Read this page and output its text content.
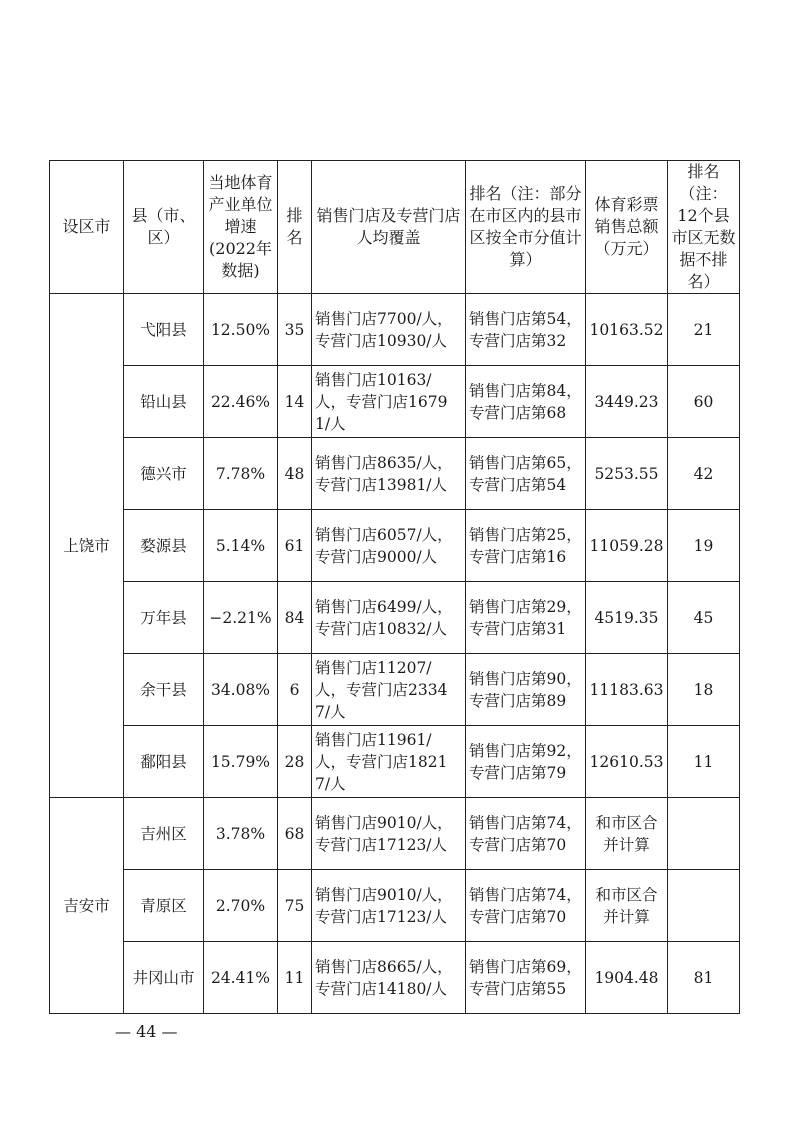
设区市	县（市、区）	当地体育产业单位增速(2022年数据)	排名	销售门店及专营门店人均覆盖	排名（注：部分在市区内的县市区按全市分值计算）	体育彩票销售总额（万元）	排名（注：12个县市区无数据不排名）
上饶市	弋阳县	12.50%	35	销售门店7700/人，专营门店10930/人	销售门店第54，专营门店第32	10163.52	21
	铅山县	22.46%	14	销售门店10163/人，专营门店16791/人	销售门店第84，专营门店第68	3449.23	60
	德兴市	7.78%	48	销售门店8635/人，专营门店13981/人	销售门店第65，专营门店第54	5253.55	42
	婺源县	5.14%	61	销售门店6057/人，专营门店9000/人	销售门店第25，专营门店第16	11059.28	19
	万年县	−2.21%	84	销售门店6499/人，专营门店10832/人	销售门店第29，专营门店第31	4519.35	45
	余干县	34.08%	6	销售门店11207/人，专营门店23347/人	销售门店第90，专营门店第89	11183.63	18
	鄱阳县	15.79%	28	销售门店11961/人，专营门店18217/人	销售门店第92，专营门店第79	12610.53	11
吉安市	吉州区	3.78%	68	销售门店9010/人，专营门店17123/人	销售门店第74，专营门店第70	和市区合并计算	
	青原区	2.70%	75	销售门店9010/人，专营门店17123/人	销售门店第74，专营门店第70	和市区合并计算	
	井冈山市	24.41%	11	销售门店8665/人，专营门店14180/人	销售门店第69，专营门店第55	1904.48	81
— 44 —
